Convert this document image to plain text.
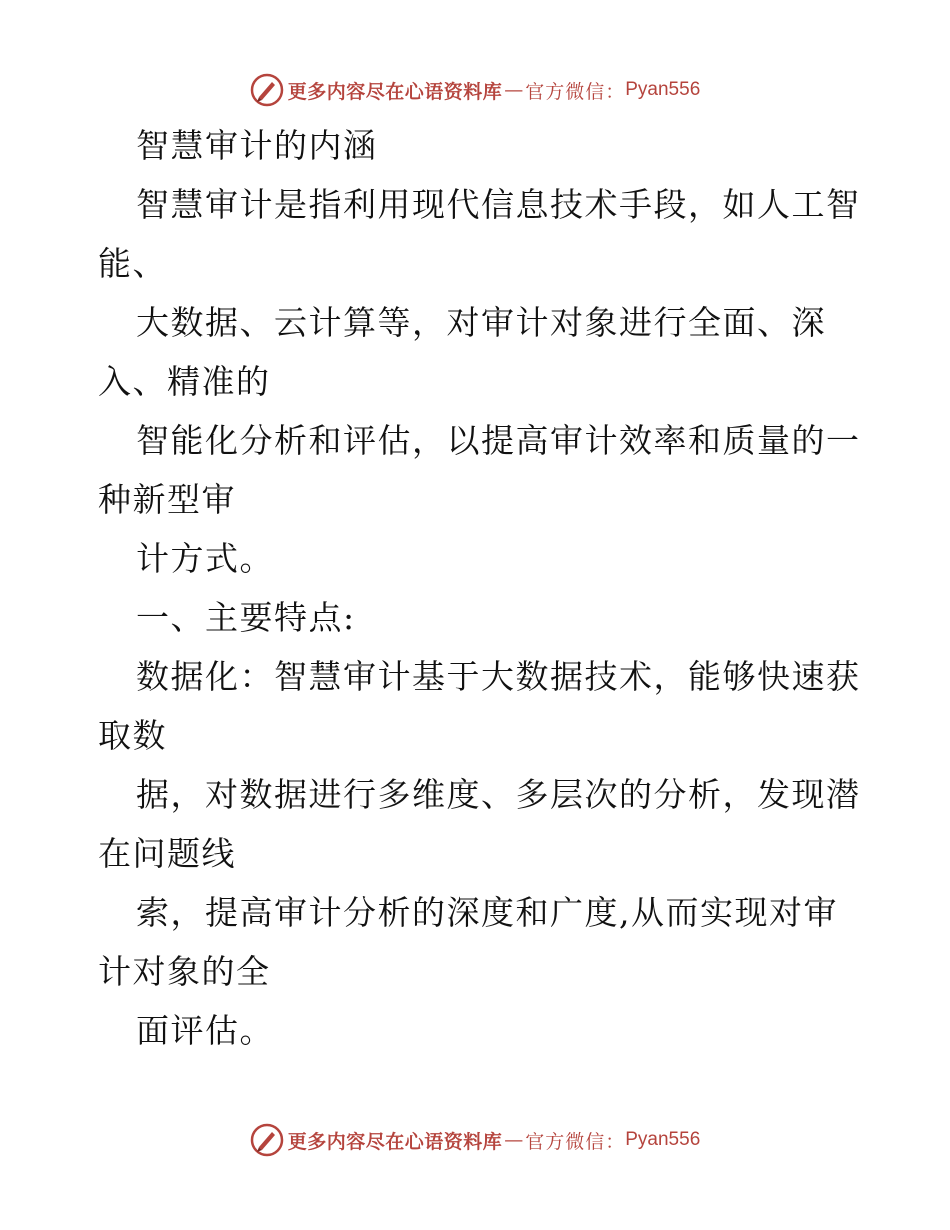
更多内容尽在心语资料库 — 官方微信： Pyan556
智慧审计的内涵
智慧审计是指利用现代信息技术手段，如人工智
能、
大数据、云计算等，对审计对象进行全面、深
入、精准的
智能化分析和评估，以提高审计效率和质量的一
种新型审
计方式。
一、主要特点:
数据化：智慧审计基于大数据技术，能够快速获
取数
据，对数据进行多维度、多层次的分析，发现潜
在问题线
索，提高审计分析的深度和广度,从而实现对审
计对象的全
面评估。
更多内容尽在心语资料库 — 官方微信： Pyan556
